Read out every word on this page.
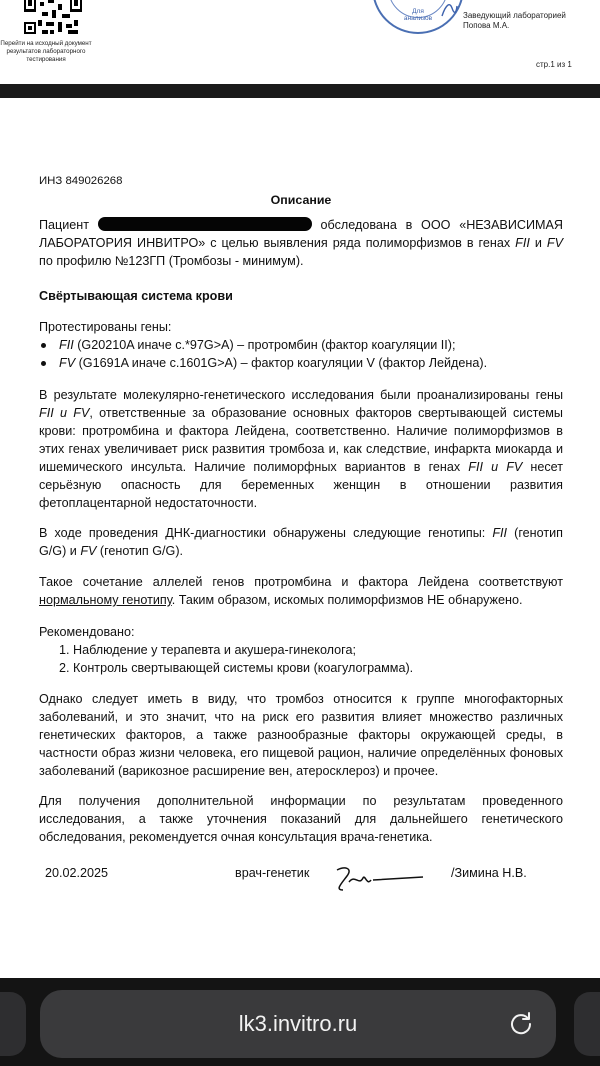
Перейти на исходный документ результатов лабораторного тестирования
Для
анализов	Заведующий лабораторией
Попова М.А.
стр.1 из 1
ИНЗ 849026268
Описание
Пациент	обследована в ООО «НЕЗАВИСИМАЯ ЛАБОРАТОРИЯ ИНВИТРО» с целью выявления ряда полиморфизмов в генах FII и FV по профилю №123ГП (Тромбозы - минимум).
Свёртывающая система крови
Протестированы гены:
FII (G20210A иначе c.*97G>A) – протромбин (фактор коагуляции II);
FV (G1691A иначе c.1601G>A) – фактор коагуляции V (фактор Лейдена).
В результате молекулярно-генетического исследования были проанализированы гены FII и FV, ответственные за образование основных факторов свертывающей системы крови: протромбина и фактора Лейдена, соответственно. Наличие полиморфизмов в этих генах увеличивает риск развития тромбоза и, как следствие, инфаркта миокарда и ишемического инсульта. Наличие полиморфных вариантов в генах FII и FV несет серьёзную опасность для беременных женщин в отношении развития фетоплацентарной недостаточности.
В ходе проведения ДНК-диагностики обнаружены следующие генотипы: FII (генотип G/G) и FV (генотип G/G).
Такое сочетание аллелей генов протромбина и фактора Лейдена соответствуют нормальному генотипу. Таким образом, искомых полиморфизмов НЕ обнаружено.
Рекомендовано:
1. Наблюдение у терапевта и акушера-гинеколога;
2. Контроль свертывающей системы крови (коагулограмма).
Однако следует иметь в виду, что тромбоз относится к группе многофакторных заболеваний, и это значит, что на риск его развития влияет множество различных генетических факторов, а также разнообразные факторы окружающей среды, в частности образ жизни человека, его пищевой рацион, наличие определённых фоновых заболеваний (варикозное расширение вен, атеросклероз) и прочее.
Для получения дополнительной информации по результатам проведенного исследования, а также уточнения показаний для дальнейшего генетического обследования, рекомендуется очная консультация врача-генетика.
20.02.2025	врач-генетик	/Зимина Н.В.
lk3.invitro.ru
